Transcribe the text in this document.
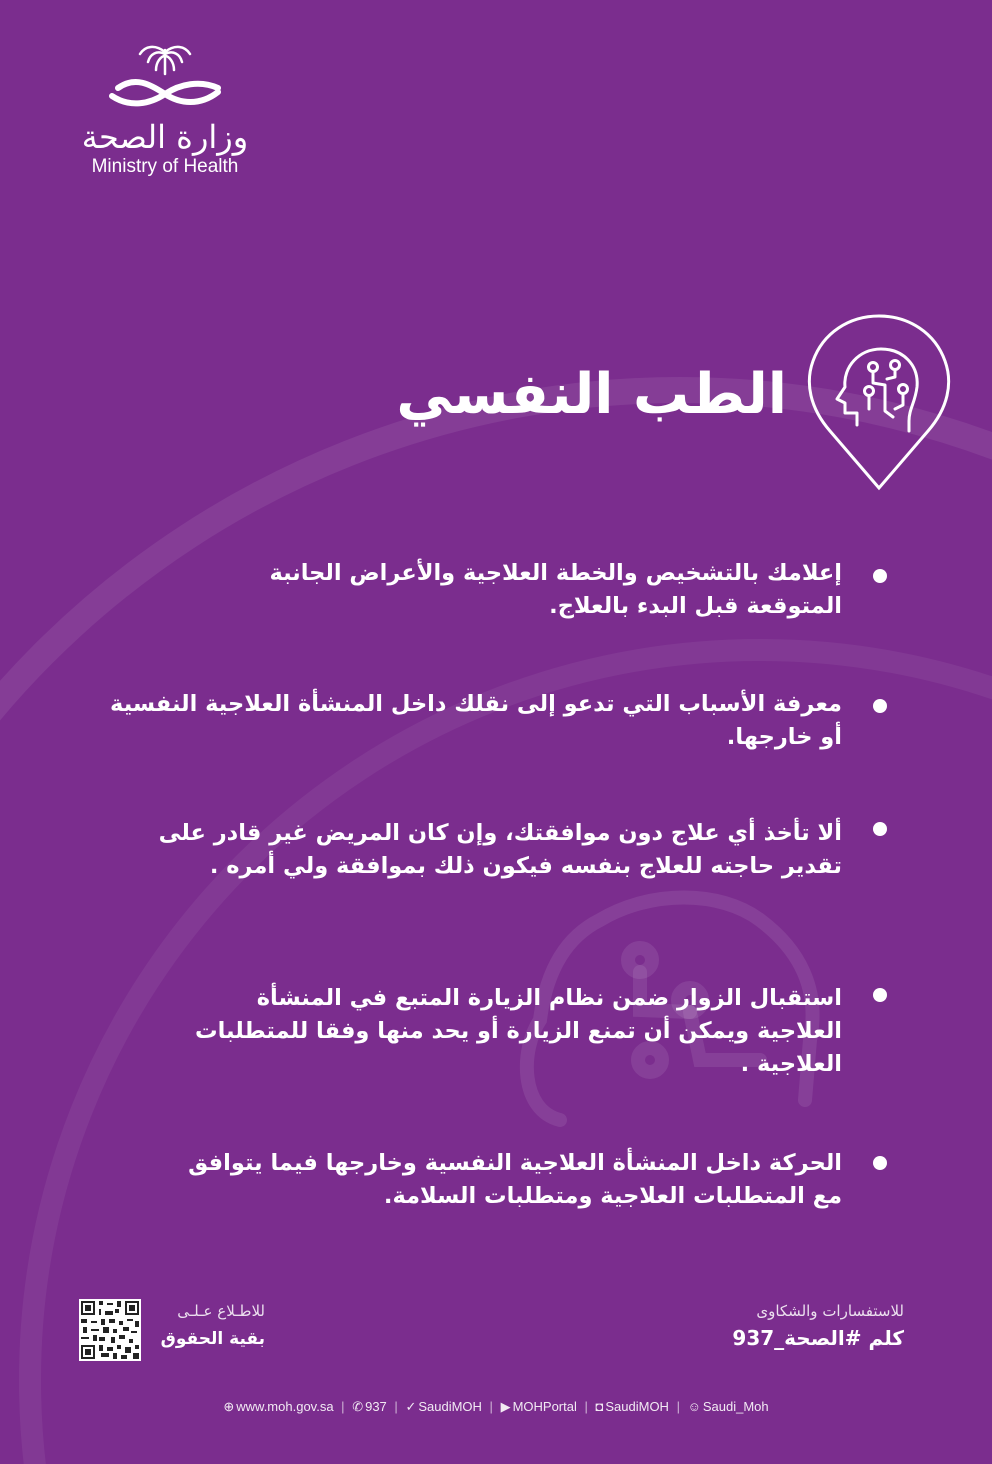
وزارة الصحة
Ministry of Health
الطب النفسي
إعلامك بالتشخيص والخطة العلاجية والأعراض الجانبة المتوقعة قبل البدء بالعلاج.
معرفة الأسباب التي تدعو إلى نقلك داخل المنشأة العلاجية النفسية أو خارجها.
ألا تأخذ أي علاج دون موافقتك، وإن كان المريض غير قادر على تقدير حاجته للعلاج بنفسه فيكون ذلك بموافقة ولي أمره .
استقبال الزوار ضمن نظام الزيارة المتبع في المنشأة العلاجية ويمكن أن تمنع الزيارة أو يحد منها وفقا للمتطلبات العلاجية .
الحركة داخل المنشأة العلاجية النفسية وخارجها فيما يتوافق مع المتطلبات العلاجية ومتطلبات السلامة.
للاطـلاع عـلـى
بقية الحقوق
للاستفسارات والشكاوى
كلم #الصحة_937
⊕ www.moh.gov.sa | ✆ 937 | ✓ SaudiMOH | ▶ MOHPortal | ◘ SaudiMOH | ☺ Saudi_Moh
